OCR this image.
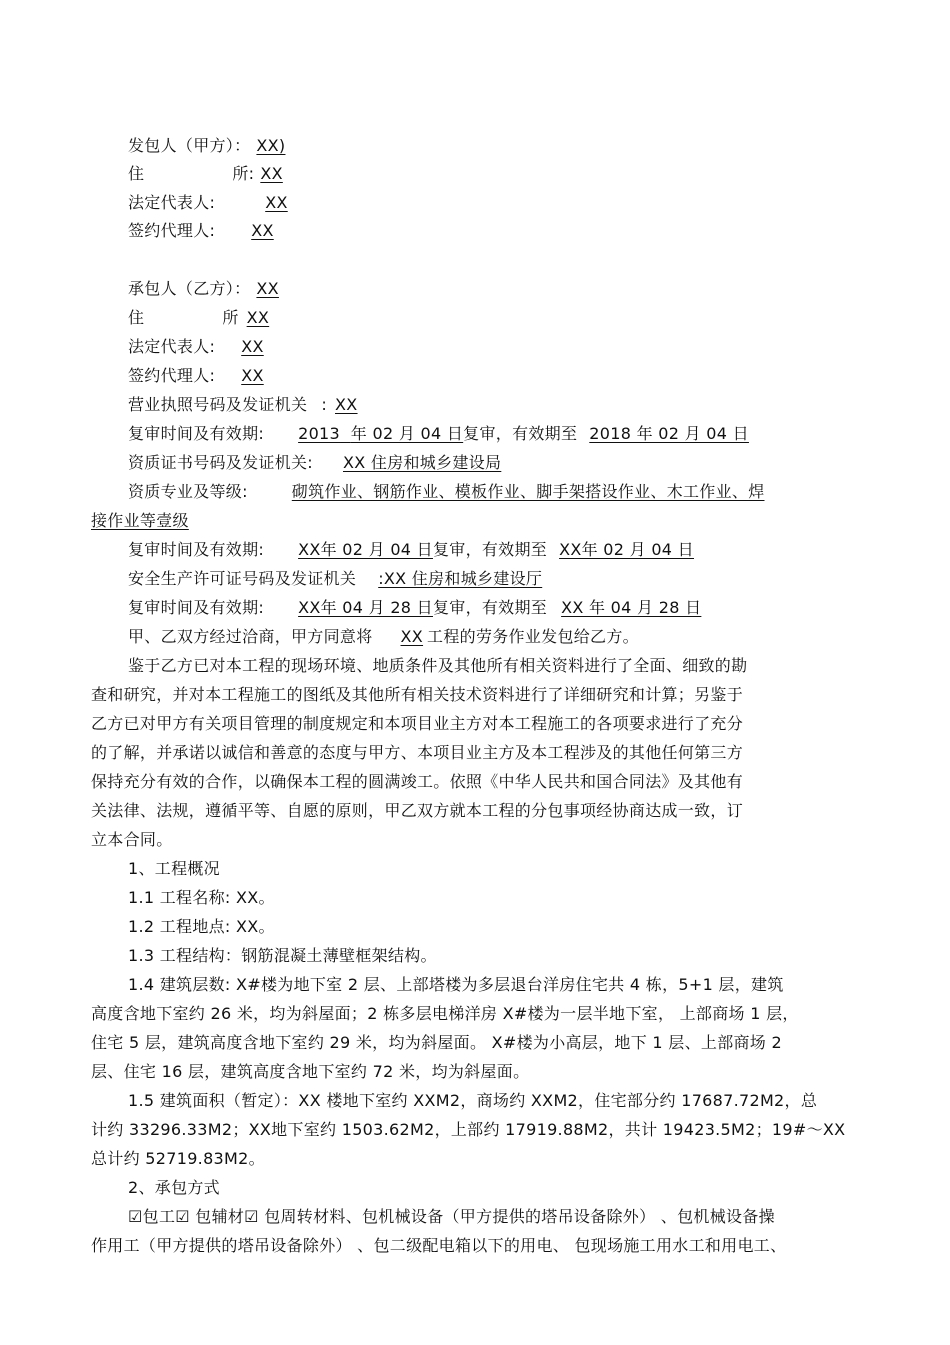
发包人（甲方）： XX)
住	所: XX
法定代表人:	XX
签约代理人: XX
承包人（乙方）： XX
住	所 XX
法定代表人: XX
签约代理人: XX
营业执照号码及发证机关 : XX
复审时间及有效期: 2013 年 02 月 04 日复审，有效期至 2018 年 02 月 04 日
资质证书号码及发证机关: XX 住房和城乡建设局
资质专业及等级:	砌筑作业、钢筋作业、模板作业、脚手架搭设作业、木工作业、焊
接作业等壹级
复审时间及有效期: XX年 02 月 04 日复审，有效期至 XX年 02 月 04 日
安全生产许可证号码及发证机关 :XX 住房和城乡建设厅
复审时间及有效期: XX年 04 月 28 日复审，有效期至 XX 年 04 月 28 日
甲、乙双方经过洽商，甲方同意将 XX 工程的劳务作业发包给乙方。
鉴于乙方已对本工程的现场环境、地质条件及其他所有相关资料进行了全面、细致的勘
查和研究，并对本工程施工的图纸及其他所有相关技术资料进行了详细研究和计算；另鉴于
乙方已对甲方有关项目管理的制度规定和本项目业主方对本工程施工的各项要求进行了充分
的了解，并承诺以诚信和善意的态度与甲方、本项目业主方及本工程涉及的其他任何第三方
保持充分有效的合作，以确保本工程的圆满竣工。依照《中华人民共和国合同法》及其他有
关法律、法规，遵循平等、自愿的原则，甲乙双方就本工程的分包事项经协商达成一致，订
立本合同。
1、工程概况
1.1 工程名称: XX。
1.2 工程地点: XX。
1.3 工程结构：钢筋混凝土薄壁框架结构。
1.4 建筑层数: X#楼为地下室 2 层、上部塔楼为多层退台洋房住宅共 4 栋，5+1 层，建筑
高度含地下室约 26 米，均为斜屋面；2 栋多层电梯洋房 X#楼为一层半地下室， 上部商场 1 层，
住宅 5 层，建筑高度含地下室约 29 米，均为斜屋面。 X#楼为小高层，地下 1 层、上部商场 2
层、住宅 16 层，建筑高度含地下室约 72 米，均为斜屋面。
1.5 建筑面积（暂定）：XX 楼地下室约 XXM2，商场约 XXM2，住宅部分约 17687.72M2，总
计约 33296.33M2；XX地下室约 1503.62M2，上部约 17919.88M2，共计 19423.5M2；19#～XX
总计约 52719.83M2。
2、承包方式
☑包工☑ 包辅材☑ 包周转材料、包机械设备（甲方提供的塔吊设备除外） 、包机械设备操
作用工（甲方提供的塔吊设备除外） 、包二级配电箱以下的用电、 包现场施工用水工和用电工、
